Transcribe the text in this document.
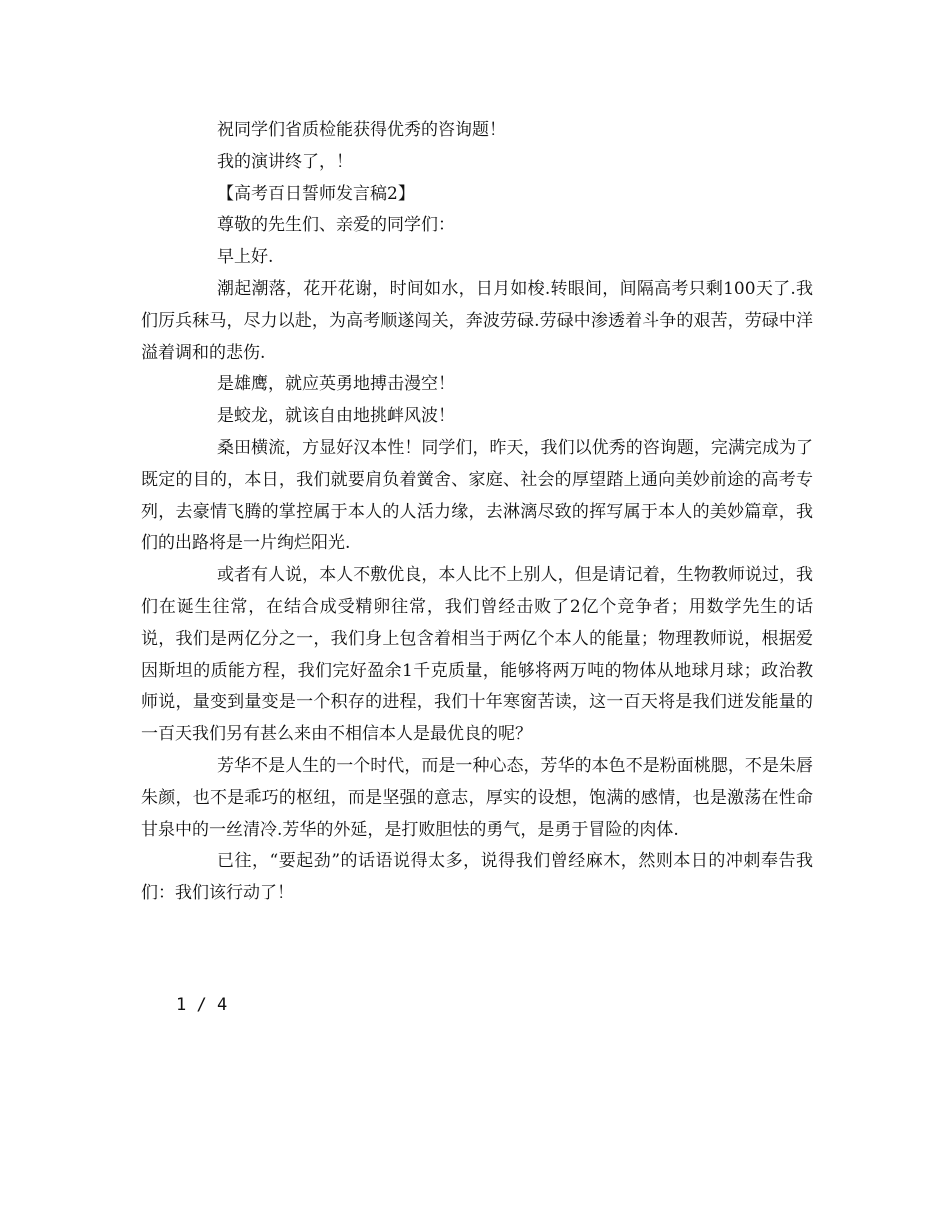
祝同学们省质检能获得优秀的咨询题！

我的演讲终了，！

【高考百日誓师发言稿2】

尊敬的先生们、亲爱的同学们：

早上好.

潮起潮落，花开花谢，时间如水，日月如梭.转眼间，间隔高考只剩100天了.我们厉兵秣马，尽力以赴，为高考顺遂闯关，奔波劳碌.劳碌中渗透着斗争的艰苦，劳碌中洋溢着调和的悲伤.

是雄鹰，就应英勇地搏击漫空！

是蛟龙，就该自由地挑衅风波！

桑田横流，方显好汉本性！同学们，昨天，我们以优秀的咨询题，完满完成为了既定的目的，本日，我们就要肩负着黉舍、家庭、社会的厚望踏上通向美妙前途的高考专列，去豪情飞腾的掌控属于本人的人活力缘，去淋漓尽致的挥写属于本人的美妙篇章，我们的出路将是一片绚烂阳光.

或者有人说，本人不敷优良，本人比不上别人，但是请记着，生物教师说过，我们在诞生往常，在结合成受精卵往常，我们曾经击败了2亿个竞争者；用数学先生的话说，我们是两亿分之一，我们身上包含着相当于两亿个本人的能量；物理教师说，根据爱因斯坦的质能方程，我们完好盈余1千克质量，能够将两万吨的物体从地球月球；政治教师说，量变到量变是一个积存的进程，我们十年寒窗苦读，这一百天将是我们迸发能量的一百天我们另有甚么来由不相信本人是最优良的呢？

芳华不是人生的一个时代，而是一种心态，芳华的本色不是粉面桃腮，不是朱唇朱颜，也不是乖巧的枢纽，而是坚强的意志，厚实的设想，饱满的感情，也是激荡在性命甘泉中的一丝清冷.芳华的外延，是打败胆怯的勇气，是勇于冒险的肉体.

已往，“要起劲”的话语说得太多，说得我们曾经麻木，然则本日的冲刺奉告我们：我们该行动了！

1 / 4
